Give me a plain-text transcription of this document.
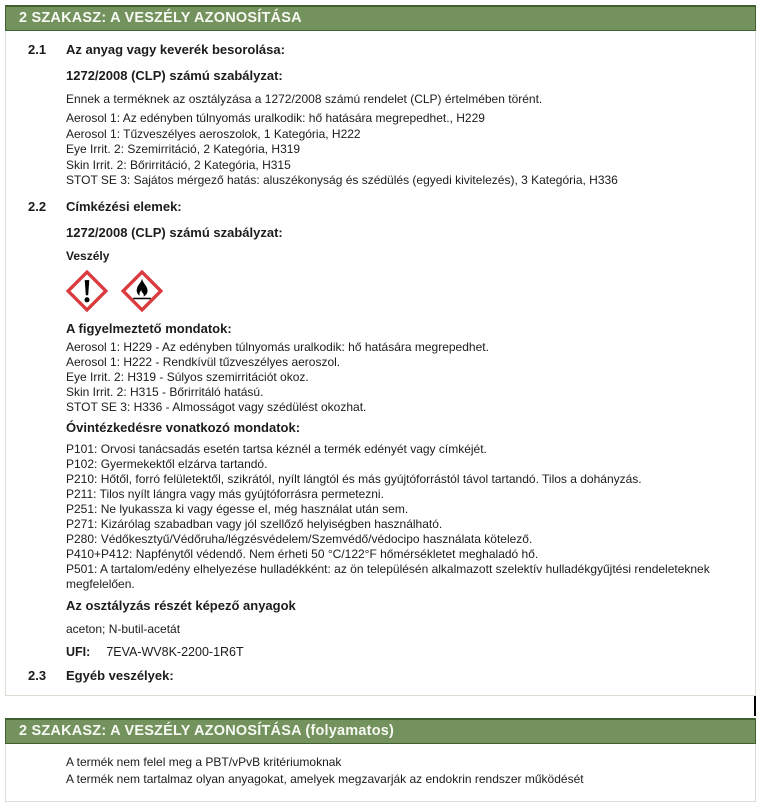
2 SZAKASZ: A VESZÉLY AZONOSÍTÁSA
2.1	Az anyag vagy keverék besorolása:

1272/2008 (CLP) számú szabályzat:

Ennek a terméknek az osztályzása a 1272/2008 számú rendelet (CLP) értelmében törént.

Aerosol 1: Az edényben túlnyomás uralkodik: hő hatására megrepedhet., H229
Aerosol 1: Tűzveszélyes aeroszolok, 1 Kategória, H222
Eye Irrit. 2: Szemirritáció, 2 Kategória, H319
Skin Irrit. 2: Bőrirritáció, 2 Kategória, H315
STOT SE 3: Sajátos mérgező hatás: aluszékonyság és szédülés (egyedi kivitelezés), 3 Kategória, H336
2.2	Címkézési elemek:

1272/2008 (CLP) számú szabályzat:

Veszély

A figyelmeztető mondatok:

Aerosol 1: H229 - Az edényben túlnyomás uralkodik: hő hatására megrepedhet.
Aerosol 1: H222 - Rendkívül tűzveszélyes aeroszol.
Eye Irrit. 2: H319 - Súlyos szemirritációt okoz.
Skin Irrit. 2: H315 - Bőrirritáló hatású.
STOT SE 3: H336 - Almosságot vagy szédülést okozhat.

Óvintézkedésre vonatkozó mondatok:

P101: Orvosi tanácsadás esetén tartsa kéznél a termék edényét vagy címkéjét.
P102: Gyermekektől elzárva tartandó.
P210: Hőtől, forró felületektől, szikrától, nyílt lángtól és más gyújtóforrástól távol tartandó. Tilos a dohányzás.
P211: Tilos nyílt lángra vagy más gyújtóforrásra permetezni.
P251: Ne lyukassza ki vagy égesse el, még használat után sem.
P271: Kizárólag szabadban vagy jól szellőző helyiségben használható.
P280: Védőkesztyű/Védőruha/légzésvédelem/Szemvédő/védocipo használata kötelező.
P410+P412: Napfénytől védendő. Nem érheti 50 °C/122°F hőmérsékletet meghaladó hő.
P501: A tartalom/edény elhelyezése hulladékként: az ön településén alkalmazott szelektív hulladékgyűjtési rendeleteknek megfelelően.

Az osztályzás részét képező anyagok

aceton; N-butil-acetát

UFI: 7EVA-WV8K-2200-1R6T

2.3	Egyéb veszélyek:

2 SZAKASZ: A VESZÉLY AZONOSÍTÁSA (folyamatos)

A termék nem felel meg a PBT/vPvB kritériumoknak

A termék nem tartalmaz olyan anyagokat, amelyek megzavarják az endokrin rendszer működését
